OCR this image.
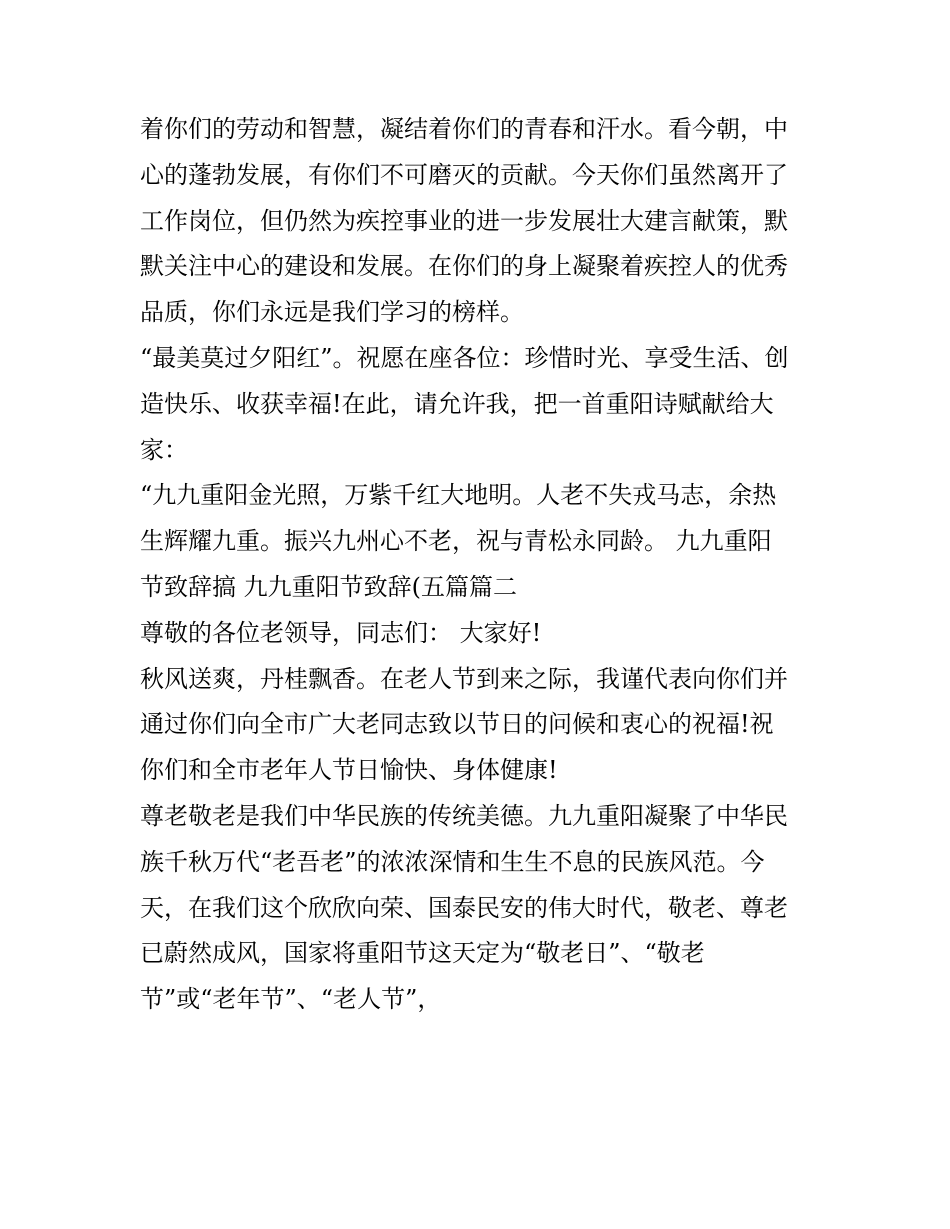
着你们的劳动和智慧，凝结着你们的青春和汗水。看今朝，中
心的蓬勃发展，有你们不可磨灭的贡献。今天你们虽然离开了
工作岗位，但仍然为疾控事业的进一步发展壮大建言献策，默
默关注中心的建设和发展。在你们的身上凝聚着疾控人的优秀
品质，你们永远是我们学习的榜样。
“最美莫过夕阳红”。祝愿在座各位：珍惜时光、享受生活、创
造快乐、收获幸福!在此，请允许我，把一首重阳诗赋献给大
家：
“九九重阳金光照，万紫千红大地明。人老不失戎马志，余热
生辉耀九重。振兴九州心不老，祝与青松永同龄。 九九重阳
节致辞搞 九九重阳节致辞(五篇篇二
尊敬的各位老领导，同志们： 大家好!
秋风送爽，丹桂飘香。在老人节到来之际，我谨代表向你们并
通过你们向全市广大老同志致以节日的问候和衷心的祝福!祝
你们和全市老年人节日愉快、身体健康!
尊老敬老是我们中华民族的传统美德。九九重阳凝聚了中华民
族千秋万代“老吾老”的浓浓深情和生生不息的民族风范。今
天，在我们这个欣欣向荣、国泰民安的伟大时代，敬老、尊老
已蔚然成风，国家将重阳节这天定为“敬老日”、“敬老
节”或“老年节”、“老人节”，
